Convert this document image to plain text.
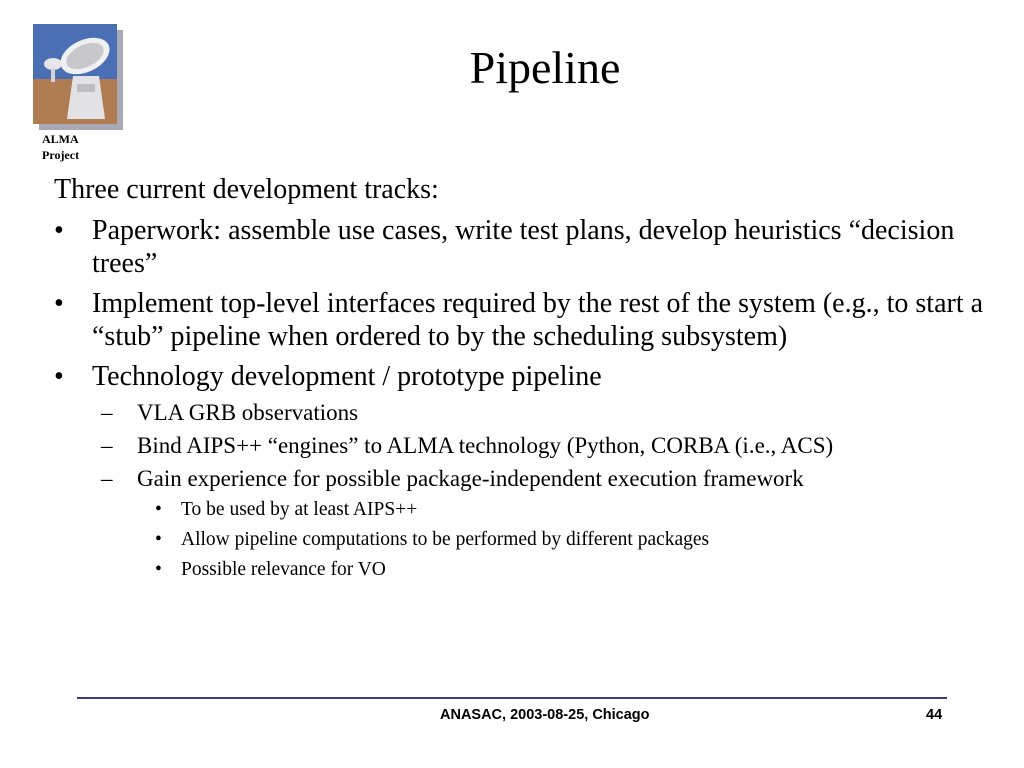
ALMA
Project
Pipeline

Three current development tracks:

• Paperwork: assemble use cases, write test plans, develop heuristics “decision trees”
• Implement top-level interfaces required by the rest of the system (e.g., to start a “stub” pipeline when ordered to by the scheduling subsystem)
• Technology development / prototype pipeline
– VLA GRB observations
– Bind AIPS++ “engines” to ALMA technology (Python, CORBA (i.e., ACS)
– Gain experience for possible package-independent execution framework
• To be used by at least AIPS++
• Allow pipeline computations to be performed by different packages
• Possible relevance for VO
ANASAC, 2003-08-25, Chicago	44
